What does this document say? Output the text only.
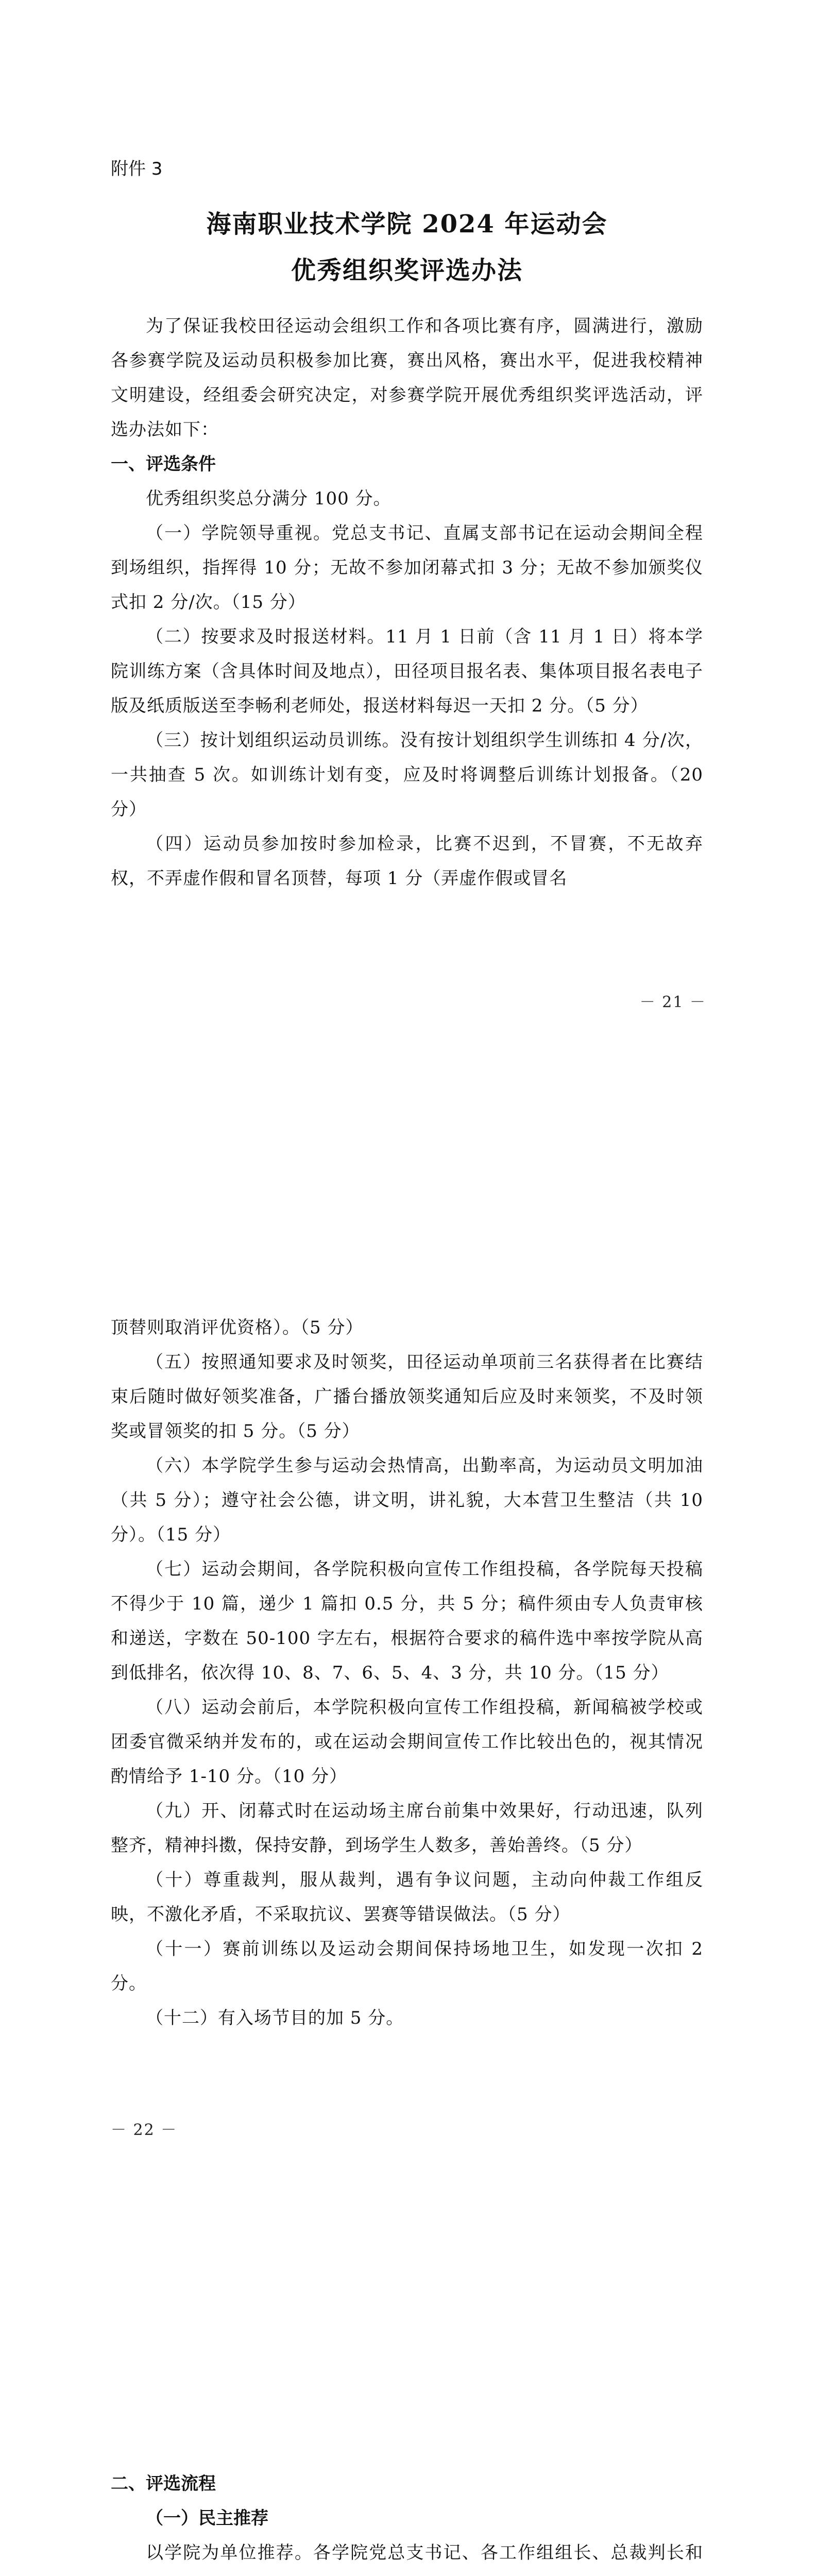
附件 3
海南职业技术学院 2024 年运动会
优秀组织奖评选办法

为了保证我校田径运动会组织工作和各项比赛有序，圆满进行，激励各参赛学院及运动员积极参加比赛，赛出风格，赛出水平，促进我校精神文明建设，经组委会研究决定，对参赛学院开展优秀组织奖评选活动，评选办法如下：

一、评选条件

优秀组织奖总分满分 100 分。

（一）学院领导重视。党总支书记、直属支部书记在运动会期间全程到场组织，指挥得 10 分；无故不参加闭幕式扣 3 分；无故不参加颁奖仪式扣 2 分/次。（15 分）

（二）按要求及时报送材料。11 月 1 日前（含 11 月 1 日）将本学院训练方案（含具体时间及地点），田径项目报名表、集体项目报名表电子版及纸质版送至李畅利老师处，报送材料每迟一天扣 2 分。（5 分）

（三）按计划组织运动员训练。没有按计划组织学生训练扣 4 分/次，一共抽查 5 次。如训练计划有变，应及时将调整后训练计划报备。（20 分）

（四）运动员参加按时参加检录，比赛不迟到，不冒赛，不无故弃权，不弄虚作假和冒名顶替，每项 1 分（弄虚作假或冒名

－ 21 －

顶替则取消评优资格）。（5 分）

（五）按照通知要求及时领奖，田径运动单项前三名获得者在比赛结束后随时做好领奖准备，广播台播放领奖通知后应及时来领奖，不及时领奖或冒领奖的扣 5 分。（5 分）

（六）本学院学生参与运动会热情高，出勤率高，为运动员文明加油（共 5 分）；遵守社会公德，讲文明，讲礼貌，大本营卫生整洁（共 10 分）。（15 分）

（七）运动会期间，各学院积极向宣传工作组投稿，各学院每天投稿不得少于 10 篇，递少 1 篇扣 0.5 分，共 5 分；稿件须由专人负责审核和递送，字数在 50-100 字左右，根据符合要求的稿件选中率按学院从高到低排名，依次得 10、8、7、6、5、4、3 分，共 10 分。（15 分）

（八）运动会前后，本学院积极向宣传工作组投稿，新闻稿被学校或团委官微采纳并发布的，或在运动会期间宣传工作比较出色的，视其情况酌情给予 1-10 分。（10 分）

（九）开、闭幕式时在运动场主席台前集中效果好，行动迅速，队列整齐，精神抖擞，保持安静，到场学生人数多，善始善终。（5 分）

（十）尊重裁判，服从裁判，遇有争议问题，主动向仲裁工作组反映，不激化矛盾，不采取抗议、罢赛等错误做法。（5 分）

（十一）赛前训练以及运动会期间保持场地卫生，如发现一次扣 2 分。

（十二）有入场节目的加 5 分。

－ 22 －

二、评选流程

（一）民主推荐

以学院为单位推荐。各学院党总支书记、各工作组组长、总裁判长和
